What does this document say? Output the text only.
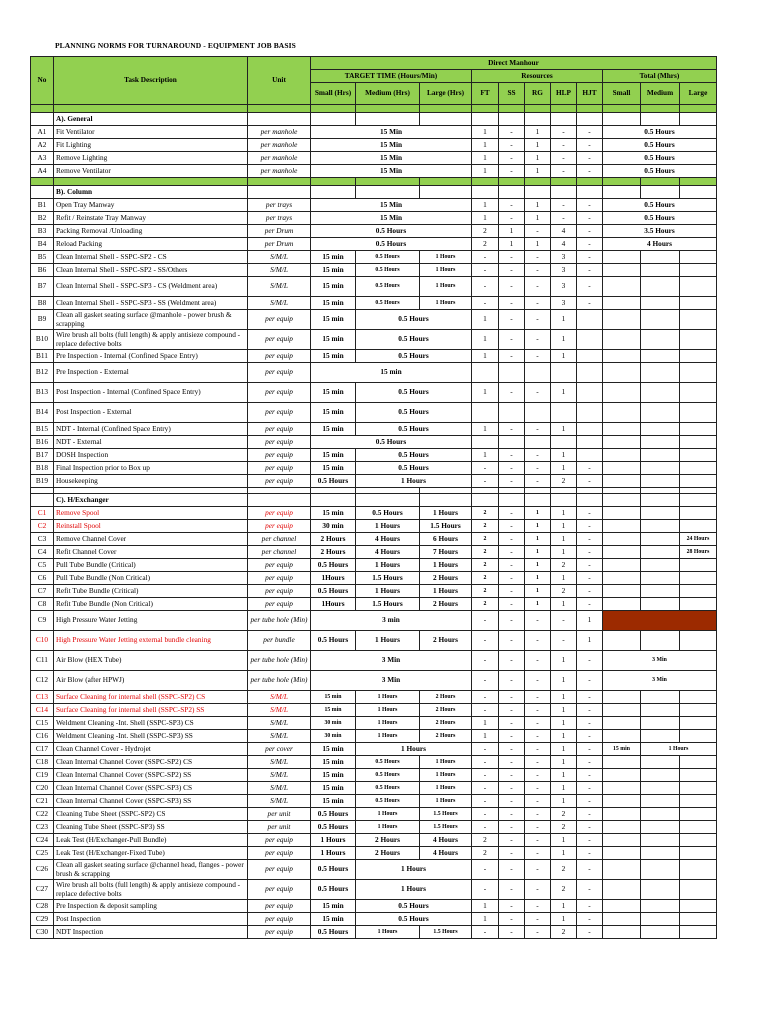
PLANNING NORMS FOR TURNAROUND - EQUIPMENT JOB BASIS
No	Task Description	Unit	Direct Manhour										
			TARGET TIME (Hours/Min)			Resources					Total (Mhrs)		
			Small (Hrs)	Medium (Hrs)	Large (Hrs)	FT	SS	RG	HLP	HJT	Small	Medium	Large

	A). General												
A1	Fit Ventilator	per manhole	15 Min			1	-	1	-	-	0.5 Hours		
A2	Fit Lighting	per manhole	15 Min			1	-	1	-	-	0.5 Hours		
A3	Remove Lighting	per manhole	15 Min			1	-	1	-	-	0.5 Hours		
A4	Remove Ventilator	per manhole	15 Min			1	-	1	-	-	0.5 Hours		

	B). Column												
B1	Open Tray Manway	per trays	15 Min			1	-	1	-	-	0.5 Hours		
B2	Refit / Reinstate Tray Manway	per trays	15 Min			1	-	1	-	-	0.5 Hours		
B3	Packing Removal /Unloading	per Drum	0.5 Hours			2	1	-	4	-	3.5 Hours		
B4	Reload Packing	per Drum	0.5 Hours			2	1	1	4	-	4 Hours		
B5	Clean Internal Shell - SSPC-SP2 - CS	S/M/L	15 min	0.5 Hours	1 Hours	-	-	-	3	-			
B6	Clean Internal Shell - SSPC-SP2 - SS/Others	S/M/L	15 min	0.5 Hours	1 Hours	-	-	-	3	-			
B7	Clean Internal Shell - SSPC-SP3 - CS (Weldment area)	S/M/L	15 min	0.5 Hours	1 Hours	-	-	-	3	-			
B8	Clean Internal Shell - SSPC-SP3 - SS (Weldment area)	S/M/L	15 min	0.5 Hours	1 Hours	-	-	-	3	-			
B9	Clean all gasket seating surface @manhole - power brush & scrapping	per equip	15 min	0.5 Hours		1	-	-	1				
B10	Wire brush all bolts (full length) & apply antisieze compound - replace defective bolts	per equip	15 min	0.5 Hours		1	-	-	1				
B11	Pre Inspection - Internal (Confined Space Entry)	per equip	15 min	0.5 Hours		1	-	-	1				
B12	Pre Inspection - External	per equip	15 min										
B13	Post Inspection - Internal (Confined Space Entry)	per equip	15 min	0.5 Hours		1	-	-	1				
B14	Post Inspection - External	per equip	15 min	0.5 Hours									
B15	NDT - Internal (Confined Space Entry)	per equip	15 min	0.5 Hours		1	-	-	1				
B16	NDT - External	per equip	0.5 Hours										
B17	DOSH Inspection	per equip	15 min	0.5 Hours		1	-	-	1				
B18	Final Inspection prior to Box up	per equip	15 min	0.5 Hours		-	-	-	1	-			
B19	Housekeeping	per equip	0.5 Hours	1 Hours		-	-	-	2	-			

	C). H/Exchanger												
C1	Remove Spool	per equip	15 min	0.5 Hours	1 Hours	2	-	1	1	-			
C2	Reinstall Spool	per equip	30 min	1 Hours	1.5 Hours	2	-	1	1	-			
C3	Remove Channel Cover	per channel	2 Hours	4 Hours	6 Hours	2	-	1	1	-			24 Hours
C4	Refit Channel Cover	per channel	2 Hours	4 Hours	7 Hours	2	-	1	1	-			28 Hours
C5	Pull Tube Bundle (Critical)	per equip	0.5 Hours	1 Hours	1 Hours	2	-	1	2	-			
C6	Pull Tube Bundle (Non Critical)	per equip	1Hours	1.5 Hours	2 Hours	2	-	1	1	-			
C7	Refit Tube Bundle (Critical)	per equip	0.5 Hours	1 Hours	1 Hours	2	-	1	2	-			
C8	Refit Tube Bundle (Non Critical)	per equip	1Hours	1.5 Hours	2 Hours	2	-	1	1	-			
C9	High Pressure Water Jetting	per tube hole (Min)	3 min			-	-	-	-	1			
C10	High Pressure Water Jetting external bundle cleaning	per bundle	0.5 Hours	1 Hours	2 Hours	-	-	-	-	1			
C11	Air Blow (HEX Tube)	per tube hole (Min)	3 Min			-	-	-	1	-	3 Min		
C12	Air Blow (after HPWJ)	per tube hole (Min)	3 Min			-	-	-	1	-	3 Min		
C13	Surface Cleaning for internal shell (SSPC-SP2) CS	S/M/L	15 min	1 Hours	2 Hours	-	-	-	1	-			
C14	Surface Cleaning for internal shell (SSPC-SP2) SS	S/M/L	15 min	1 Hours	2 Hours	-	-	-	1	-			
C15	Weldment Cleaning -Int. Shell (SSPC-SP3) CS	S/M/L	30 min	1 Hours	2 Hours	1	-	-	1	-			
C16	Weldment Cleaning -Int. Shell (SSPC-SP3) SS	S/M/L	30 min	1 Hours	2 Hours	1	-	-	1	-			
C17	Clean Channel Cover - Hydrojet	per cover	15 min	1 Hours		-	-	-	1	-	15 min	1 Hours	
C18	Clean Internal Channel Cover (SSPC-SP2) CS	S/M/L	15 min	0.5 Hours	1 Hours	-	-	-	1	-			
C19	Clean Internal Channel Cover (SSPC-SP2) SS	S/M/L	15 min	0.5 Hours	1 Hours	-	-	-	1	-			
C20	Clean Internal Channel Cover (SSPC-SP3) CS	S/M/L	15 min	0.5 Hours	1 Hours	-	-	-	1	-			
C21	Clean Internal Channel Cover (SSPC-SP3) SS	S/M/L	15 min	0.5 Hours	1 Hours	-	-	-	1	-			
C22	Cleaning Tube Sheet (SSPC-SP2) CS	per unit	0.5 Hours	1 Hours	1.5 Hours	-	-	-	2	-			
C23	Cleaning Tube Sheet (SSPC-SP3) SS	per unit	0.5 Hours	1 Hours	1.5 Hours	-	-	-	2	-			
C24	Leak Test (H/Exchanger-Pull Bundle)	per equip	1 Hours	2 Hours	4 Hours	2	-	-	1	-			
C25	Leak Test (H/Exchanger-Fixed Tube)	per equip	1 Hours	2 Hours	4 Hours	2	-	-	1	-			
C26	Clean all gasket seating surface @channel head, flanges - power brush & scrapping	per equip	0.5 Hours	1 Hours		-	-	-	2	-			
C27	Wire brush all bolts (full length) & apply antisieze compound - replace defective bolts	per equip	0.5 Hours	1 Hours		-	-	-	2	-			
C28	Pre Inspection & deposit sampling	per equip	15 min	0.5 Hours		1	-	-	1	-			
C29	Post Inspection	per equip	15 min	0.5 Hours		1	-	-	1	-			
C30	NDT Inspection	per equip	0.5 Hours	1 Hours	1.5 Hours	-	-	-	2	-			
